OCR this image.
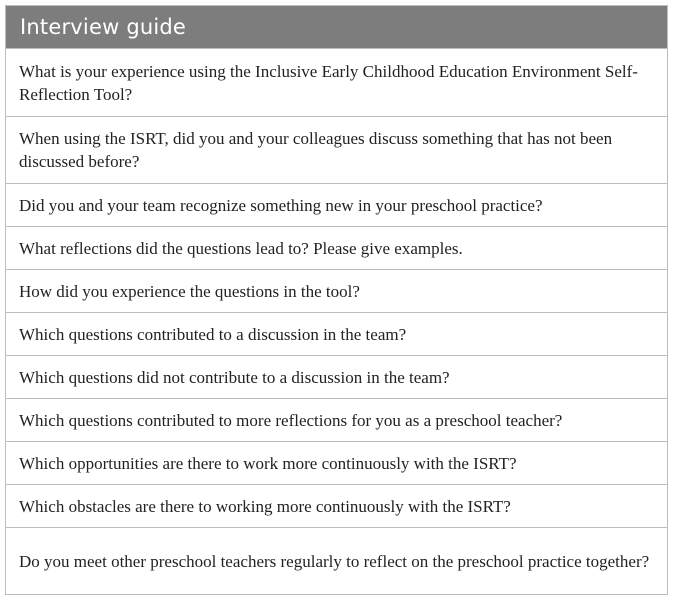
Interview guide
What is your experience using the Inclusive Early Childhood Education Environment Self-Reflection Tool?
When using the ISRT, did you and your colleagues discuss something that has not been discussed before?
Did you and your team recognize something new in your preschool practice?
What reflections did the questions lead to? Please give examples.
How did you experience the questions in the tool?
Which questions contributed to a discussion in the team?
Which questions did not contribute to a discussion in the team?
Which questions contributed to more reflections for you as a preschool teacher?
Which opportunities are there to work more continuously with the ISRT?
Which obstacles are there to working more continuously with the ISRT?
Do you meet other preschool teachers regularly to reflect on the preschool practice together?
